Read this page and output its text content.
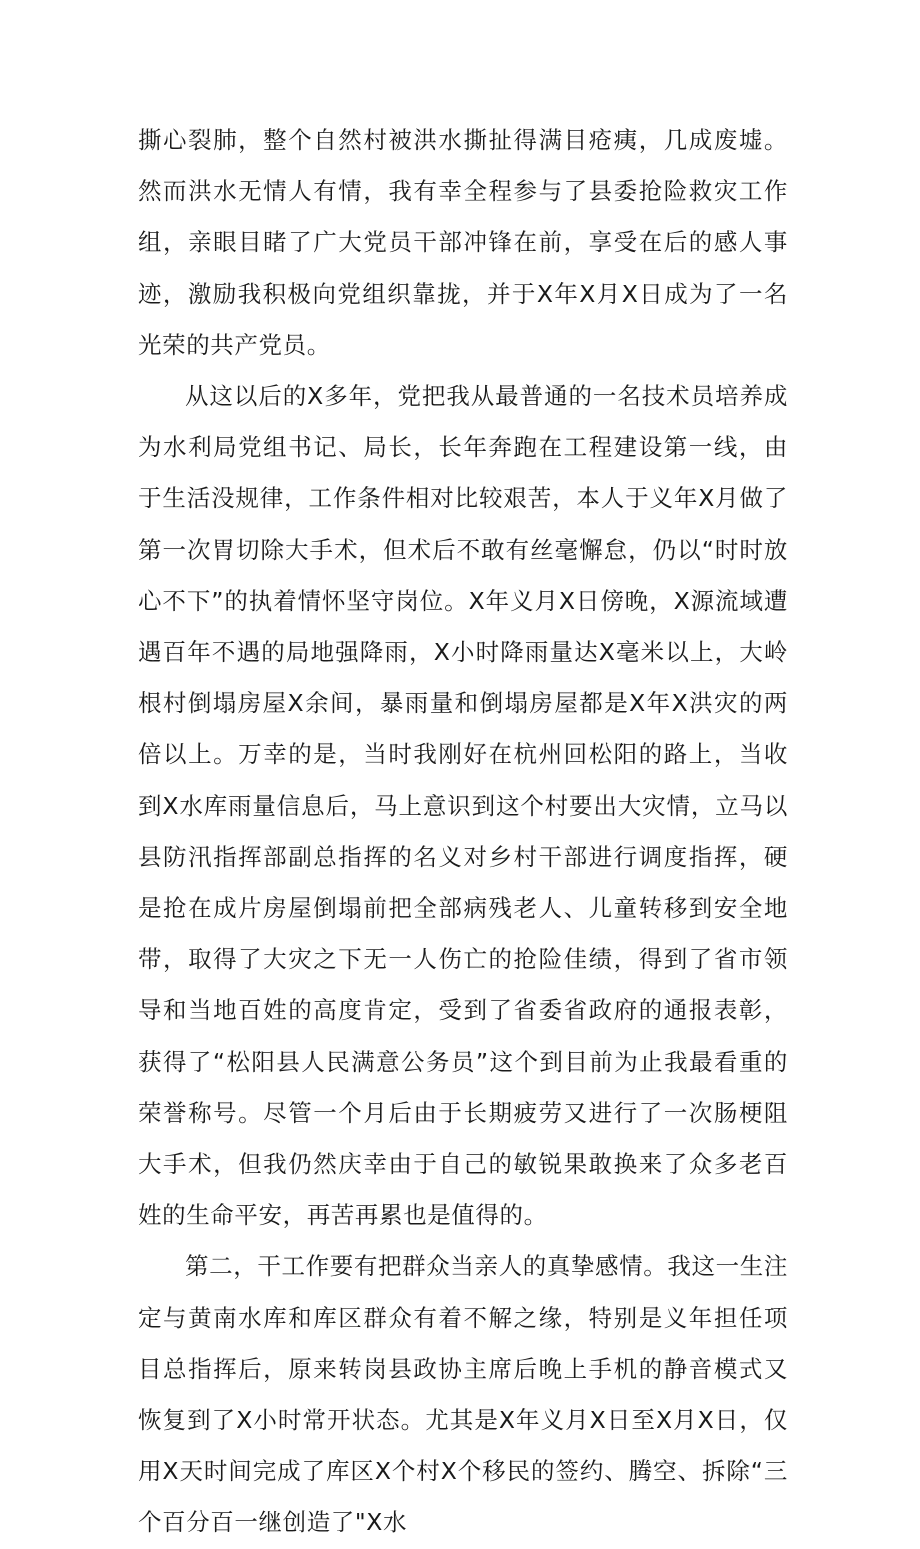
撕心裂肺，整个自然村被洪水撕扯得满目疮痍，几成废墟。然而洪水无情人有情，我有幸全程参与了县委抢险救灾工作组，亲眼目睹了广大党员干部冲锋在前，享受在后的感人事迹，激励我积极向党组织靠拢，并于X年X月X日成为了一名光荣的共产党员。

从这以后的X多年，党把我从最普通的一名技术员培养成为水利局党组书记、局长，长年奔跑在工程建设第一线，由于生活没规律，工作条件相对比较艰苦，本人于义年X月做了第一次胃切除大手术，但术后不敢有丝毫懈怠，仍以“时时放心不下”的执着情怀坚守岗位。X年义月X日傍晚，X源流域遭遇百年不遇的局地强降雨，X小时降雨量达X毫米以上，大岭根村倒塌房屋X余间，暴雨量和倒塌房屋都是X年X洪灾的两倍以上。万幸的是，当时我刚好在杭州回松阳的路上，当收到X水库雨量信息后，马上意识到这个村要出大灾情，立马以县防汛指挥部副总指挥的名义对乡村干部进行调度指挥，硬是抢在成片房屋倒塌前把全部病残老人、儿童转移到安全地带，取得了大灾之下无一人伤亡的抢险佳绩，得到了省市领导和当地百姓的高度肯定，受到了省委省政府的通报表彰，获得了“松阳县人民满意公务员”这个到目前为止我最看重的荣誉称号。尽管一个月后由于长期疲劳又进行了一次肠梗阻大手术，但我仍然庆幸由于自己的敏锐果敢换来了众多老百姓的生命平安，再苦再累也是值得的。

第二，干工作要有把群众当亲人的真挚感情。我这一生注定与黄南水库和库区群众有着不解之缘，特别是义年担任项目总指挥后，原来转岗县政协主席后晚上手机的静音模式又恢复到了X小时常开状态。尤其是X年义月X日至X月X日，仅用X天时间完成了库区X个村X个移民的签约、腾空、拆除“三个百分百一继创造了"X水
